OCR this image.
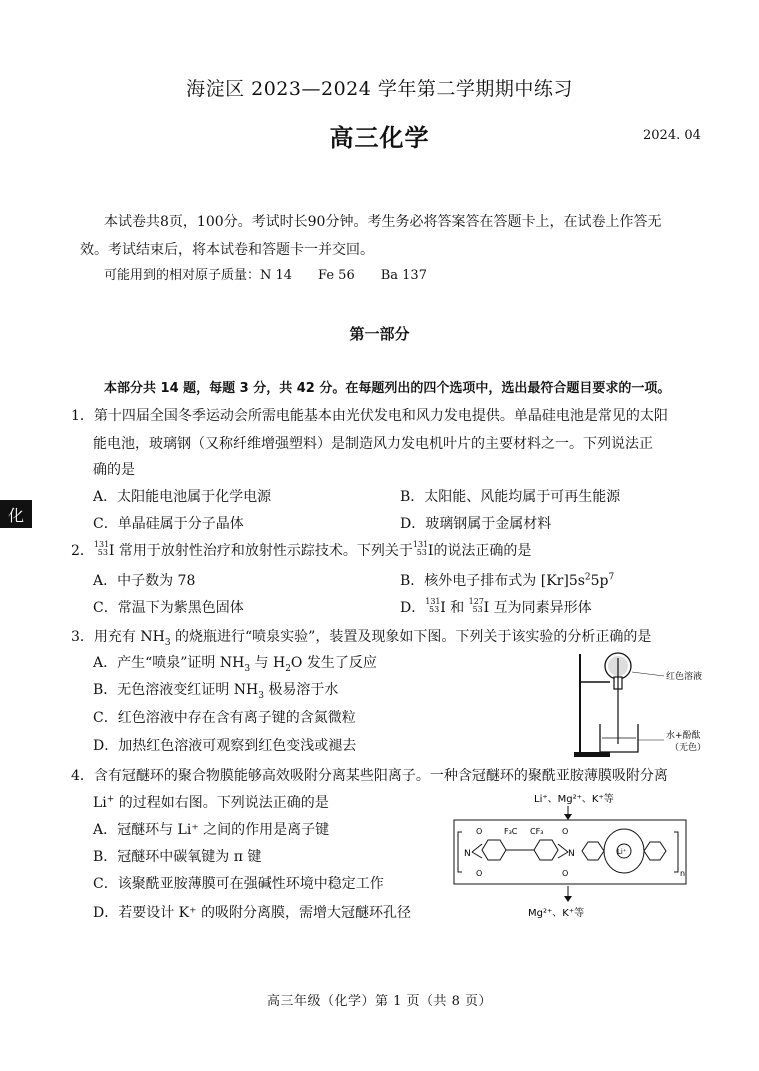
海淀区 2023—2024 学年第二学期期中练习
高三化学	2024. 04
本试卷共8页，100分。考试时长90分钟。考生务必将答案答在答题卡上，在试卷上作答无
效。考试结束后，将本试卷和答题卡一并交回。
可能用到的相对原子质量：N 14　　Fe 56　　Ba 137
第一部分
本部分共 14 题，每题 3 分，共 42 分。在每题列出的四个选项中，选出最符合题目要求的一项。
化
1．第十四届全国冬季运动会所需电能基本由光伏发电和风力发电提供。单晶硅电池是常见的太阳
能电池，玻璃钢（又称纤维增强塑料）是制造风力发电机叶片的主要材料之一。下列说法正
确的是
A．太阳能电池属于化学电源	B．太阳能、风能均属于可再生能源
C．单晶硅属于分子晶体	D．玻璃钢属于金属材料
2． 131
53 I 常用于放射性治疗和放射性示踪技术。下列关于 131
53 I的说法正确的是
A．中子数为 78	B．核外电子排布式为 $[Kr]5s^25p^7$
C．常温下为紫黑色固体	D． 131
53 I 和 127
53 I 互为同素异形体
3．用充有 $NH_3$ 的烧瓶进行“喷泉实验”，装置及现象如下图。下列关于该实验的分析正确的是
A．产生“喷泉”证明 $NH_3$ 与 $H_2O$ 发生了反应
B．无色溶液变红证明 $NH_3$ 极易溶于水
C．红色溶液中存在含有离子键的含氮微粒
D．加热红色溶液可观察到红色变浅或褪去
红色溶液
水+酚酞
（无色）
4．含有冠醚环的聚合物膜能够高效吸附分离某些阳离子。一种含冠醚环的聚酰亚胺薄膜吸附分离
Li+ 的过程如右图。下列说法正确的是
A．冠醚环与 Li⁺ 之间的作用是离子键
B．冠醚环中碳氧键为 π 键
C．该聚酰亚胺薄膜可在强碱性环境中稳定工作
D．若要设计 K⁺ 的吸附分离膜，需增大冠醚环孔径
Li⁺、Mg²⁺、K⁺等
n
N
O
O
F₃C CF₃ O
O
N	Li⁺
Mg²⁺、K⁺等
高三年级（化学）第 1 页（共 8 页）
